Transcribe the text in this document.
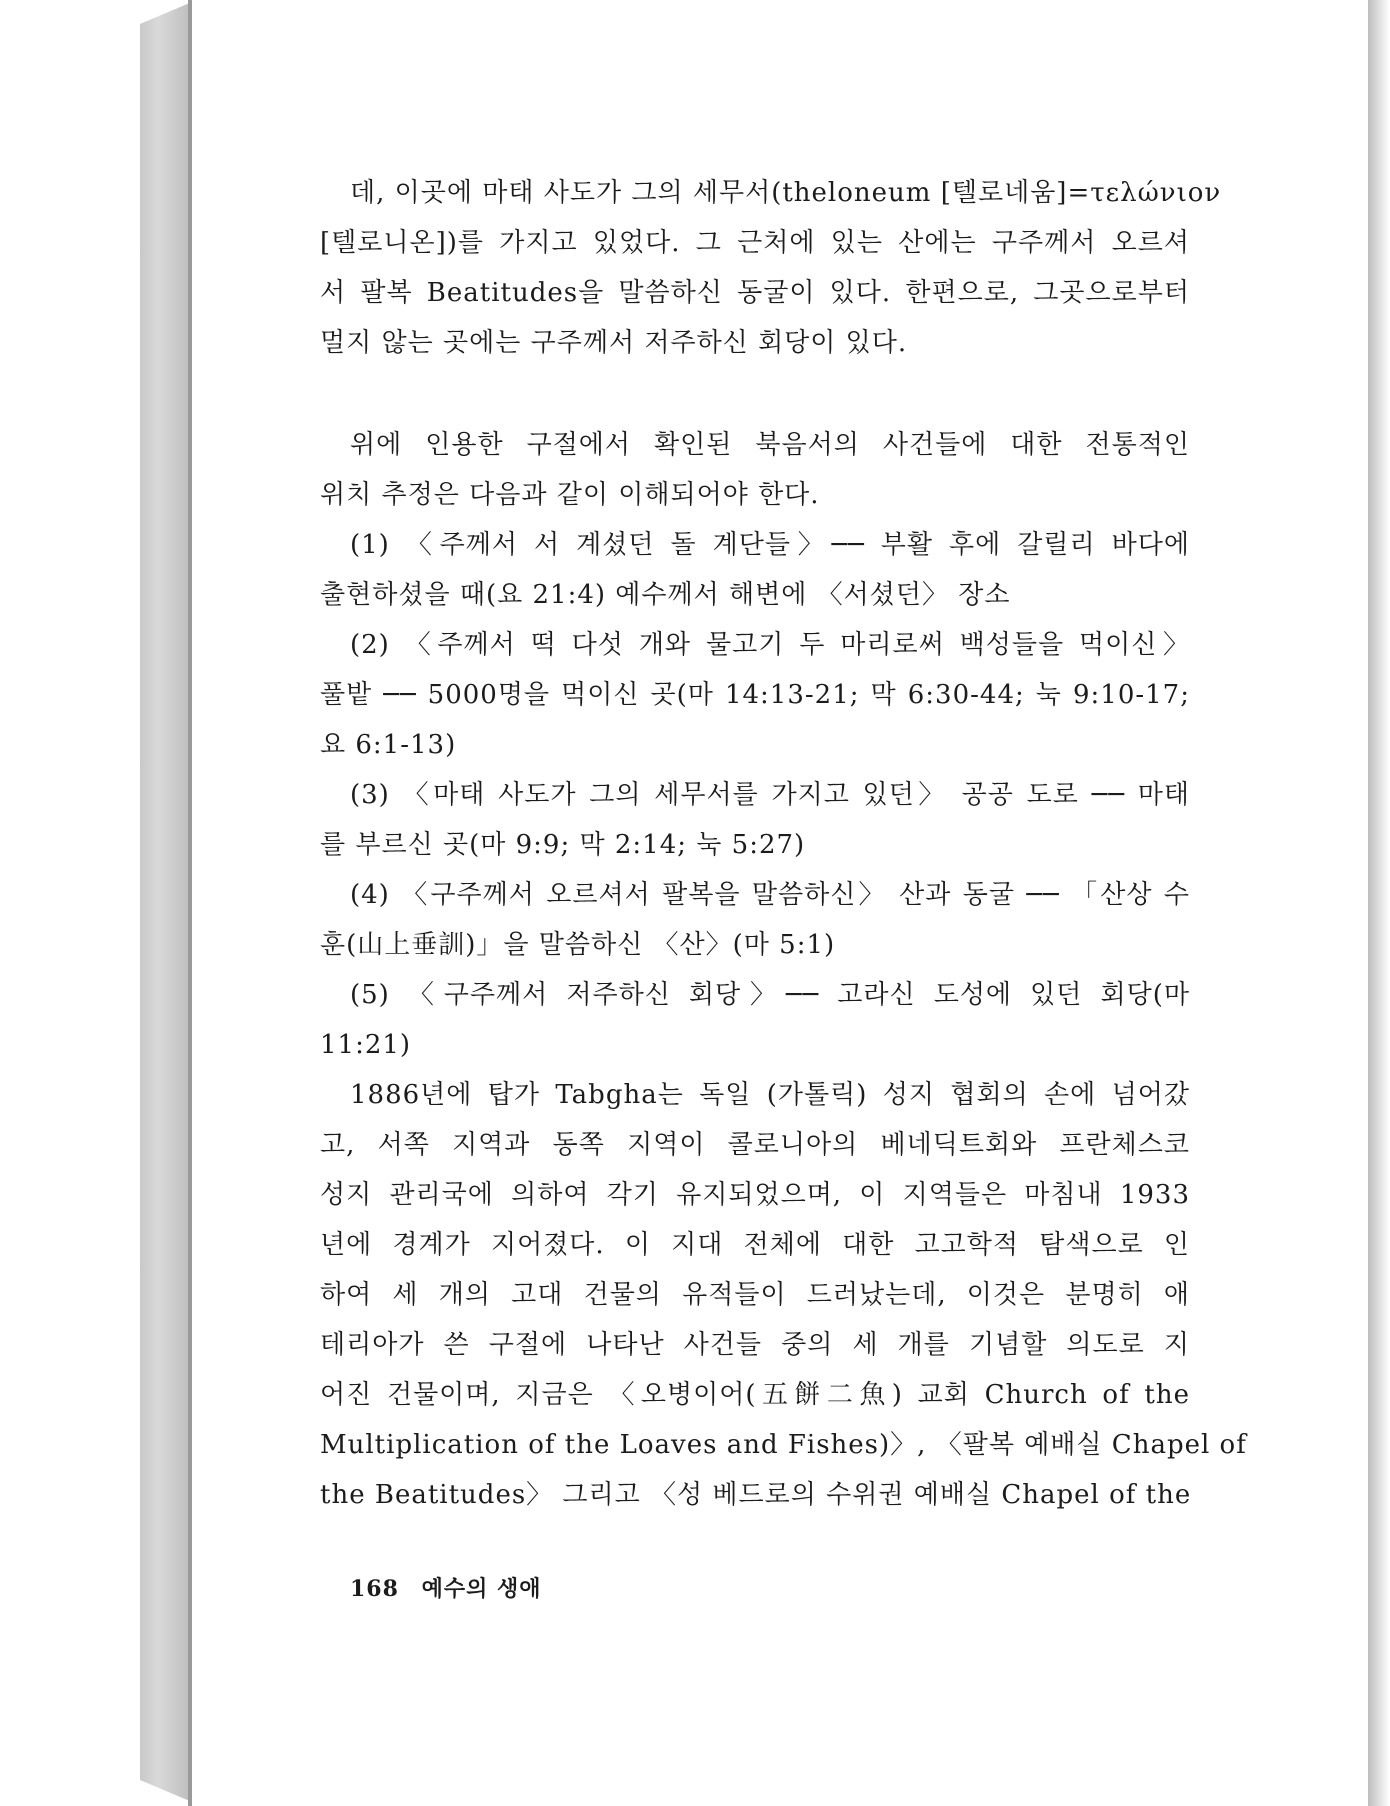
데, 이곳에 마태 사도가 그의 세무서(theloneum [텔로네움]=τελώνιον
[텔로니온])를 가지고 있었다. 그 근처에 있는 산에는 구주께서 오르셔
서 팔복 Beatitudes을 말씀하신 동굴이 있다. 한편으로, 그곳으로부터
멀지 않는 곳에는 구주께서 저주하신 회당이 있다.
위에 인용한 구절에서 확인된 북음서의 사건들에 대한 전통적인
위치 추정은 다음과 같이 이해되어야 한다.
(1) 〈주께서 서 계셨던 돌 계단들〉── 부활 후에 갈릴리 바다에
출현하셨을 때(요 21:4) 예수께서 해변에 〈서셨던〉 장소
(2) 〈주께서 떡 다섯 개와 물고기 두 마리로써 백성들을 먹이신〉
풀밭 ── 5000명을 먹이신 곳(마 14:13-21; 막 6:30-44; 눅 9:10-17;
요 6:1-13)
(3) 〈마태 사도가 그의 세무서를 가지고 있던〉 공공 도로 ── 마태
를 부르신 곳(마 9:9; 막 2:14; 눅 5:27)
(4) 〈구주께서 오르셔서 팔복을 말씀하신〉 산과 동굴 ── 「산상 수
훈(山上垂訓)」을 말씀하신 〈산〉(마 5:1)
(5) 〈구주께서 저주하신 회당〉── 고라신 도성에 있던 회당(마
11:21)
1886년에 탑가 Tabgha는 독일 (가톨릭) 성지 협회의 손에 넘어갔
고, 서쪽 지역과 동쪽 지역이 콜로니아의 베네딕트회와 프란체스코
성지 관리국에 의하여 각기 유지되었으며, 이 지역들은 마침내 1933
년에 경계가 지어졌다. 이 지대 전체에 대한 고고학적 탐색으로 인
하여 세 개의 고대 건물의 유적들이 드러났는데, 이것은 분명히 애
테리아가 쓴 구절에 나타난 사건들 중의 세 개를 기념할 의도로 지
어진 건물이며, 지금은 〈오병이어(五餅二魚) 교회 Church of the
Multiplication of the Loaves and Fishes)〉, 〈팔복 예배실 Chapel of
the Beatitudes〉 그리고 〈성 베드로의 수위권 예배실 Chapel of the
168 예수의 생애
